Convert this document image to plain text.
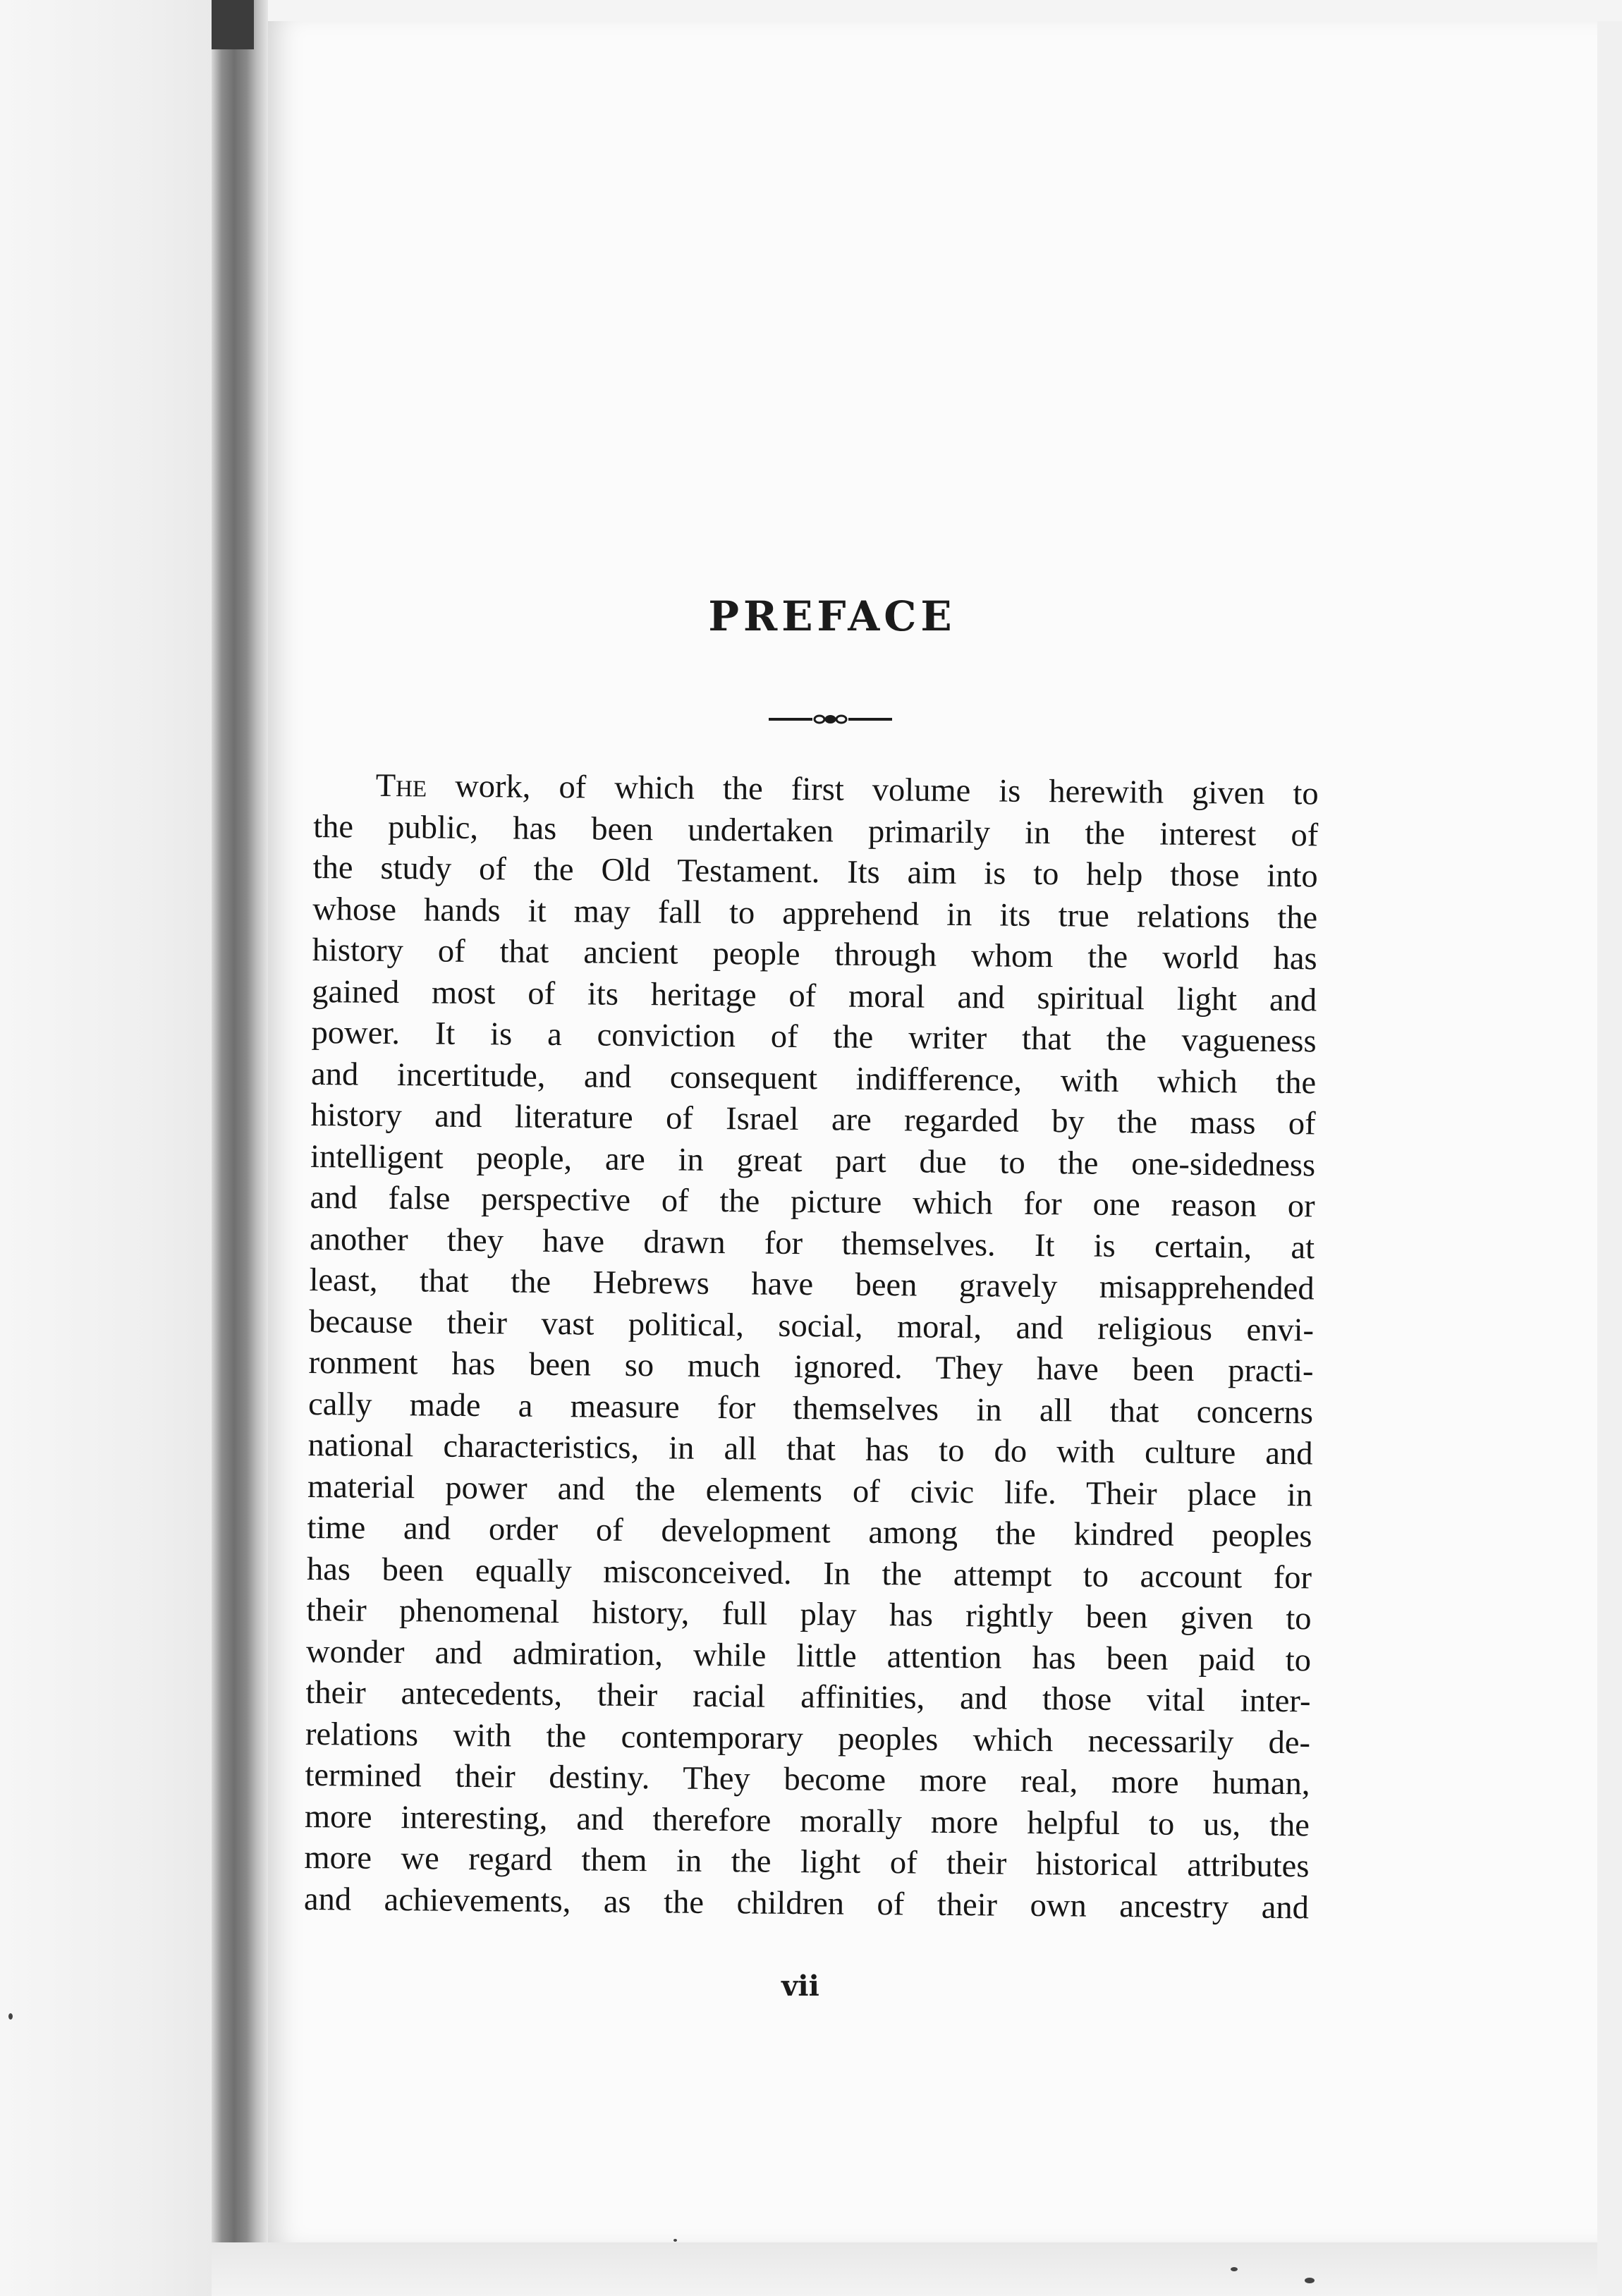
PREFACE
The work, of which the first volume is herewith given to
the public, has been undertaken primarily in the interest of
the study of the Old Testament. Its aim is to help those into
whose hands it may fall to apprehend in its true relations the
history of that ancient people through whom the world has
gained most of its heritage of moral and spiritual light and
power. It is a conviction of the writer that the vagueness
and incertitude, and consequent indifference, with which the
history and literature of Israel are regarded by the mass of
intelligent people, are in great part due to the one-sidedness
and false perspective of the picture which for one reason or
another they have drawn for themselves. It is certain, at
least, that the Hebrews have been gravely misapprehended
because their vast political, social, moral, and religious envi-
ronment has been so much ignored. They have been practi-
cally made a measure for themselves in all that concerns
national characteristics, in all that has to do with culture and
material power and the elements of civic life. Their place in
time and order of development among the kindred peoples
has been equally misconceived. In the attempt to account for
their phenomenal history, full play has rightly been given to
wonder and admiration, while little attention has been paid to
their antecedents, their racial affinities, and those vital inter-
relations with the contemporary peoples which necessarily de-
termined their destiny. They become more real, more human,
more interesting, and therefore morally more helpful to us, the
more we regard them in the light of their historical attributes
and achievements, as the children of their own ancestry and
vii
